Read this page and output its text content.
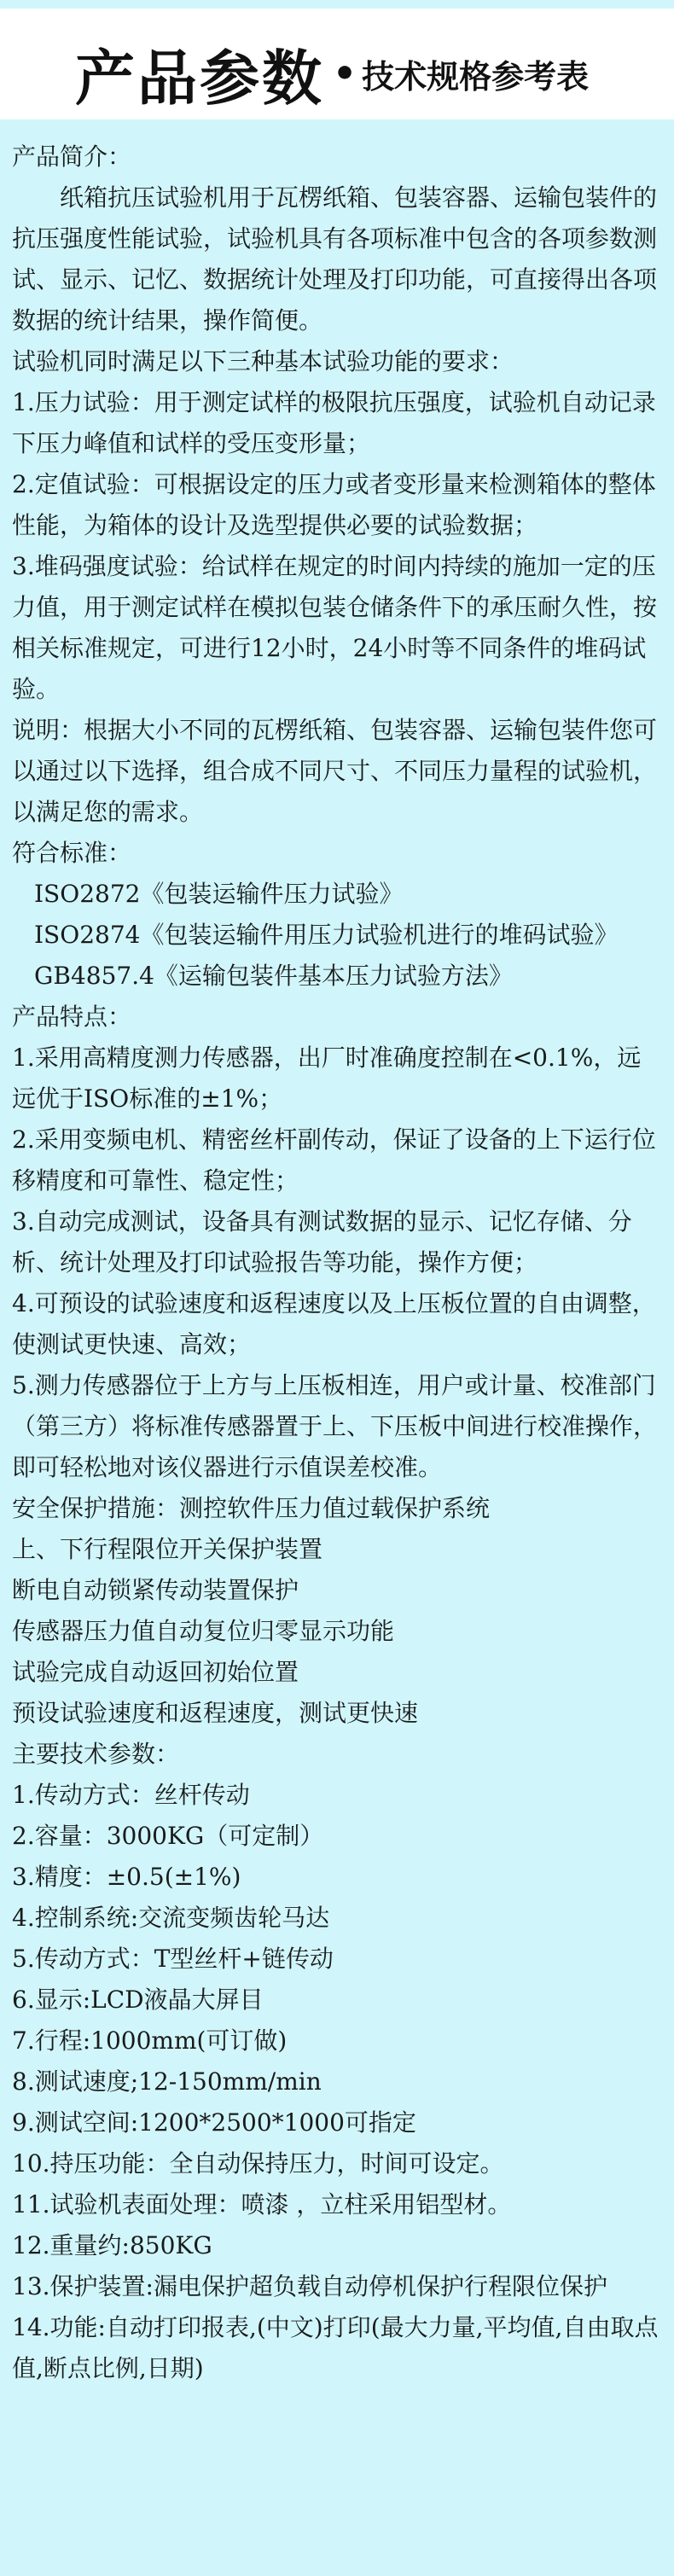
产品参数 • 技术规格参考表

产品简介：

纸箱抗压试验机用于瓦楞纸箱、包装容器、运输包装件的抗压强度性能试验，试验机具有各项标准中包含的各项参数测试、显示、记忆、数据统计处理及打印功能，可直接得出各项数据的统计结果，操作简便。

试验机同时满足以下三种基本试验功能的要求：

1.压力试验：用于测定试样的极限抗压强度，试验机自动记录下压力峰值和试样的受压变形量；

2.定值试验：可根据设定的压力或者变形量来检测箱体的整体性能，为箱体的设计及选型提供必要的试验数据；

3.堆码强度试验：给试样在规定的时间内持续的施加一定的压力值，用于测定试样在模拟包装仓储条件下的承压耐久性，按相关标准规定，可进行12小时，24小时等不同条件的堆码试验。

说明：根据大小不同的瓦楞纸箱、包装容器、运输包装件您可以通过以下选择，组合成不同尺寸、不同压力量程的试验机，以满足您的需求。

符合标准：

ISO2872《包装运输件压力试验》

ISO2874《包装运输件用压力试验机进行的堆码试验》

GB4857.4《运输包装件基本压力试验方法》

产品特点：

1.采用高精度测力传感器，出厂时准确度控制在<0.1%，远远优于ISO标准的±1%；

2.采用变频电机、精密丝杆副传动，保证了设备的上下运行位移精度和可靠性、稳定性；

3.自动完成测试，设备具有测试数据的显示、记忆存储、分析、统计处理及打印试验报告等功能，操作方便；

4.可预设的试验速度和返程速度以及上压板位置的自由调整，使测试更快速、高效；

5.测力传感器位于上方与上压板相连，用户或计量、校准部门（第三方）将标准传感器置于上、下压板中间进行校准操作，即可轻松地对该仪器进行示值误差校准。

安全保护措施：测控软件压力值过载保护系统

上、下行程限位开关保护装置

断电自动锁紧传动装置保护

传感器压力值自动复位归零显示功能

试验完成自动返回初始位置

预设试验速度和返程速度，测试更快速

主要技术参数：

1.传动方式：丝杆传动

2.容量：3000KG（可定制）

3.精度：±0.5(±1%)

4.控制系统:交流变频齿轮马达

5.传动方式：T型丝杆+链传动

6.显示:LCD液晶大屏目

7.行程:1000mm(可订做)

8.测试速度;12-150mm/min

9.测试空间:1200*2500*1000可指定

10.持压功能：全自动保持压力，时间可设定。

11.试验机表面处理：喷漆 ，立柱采用铝型材。

12.重量约:850KG

13.保护装置:漏电保护超负载自动停机保护行程限位保护

14.功能:自动打印报表,(中文)打印(最大力量,平均值,自由取点值,断点比例,日期)
